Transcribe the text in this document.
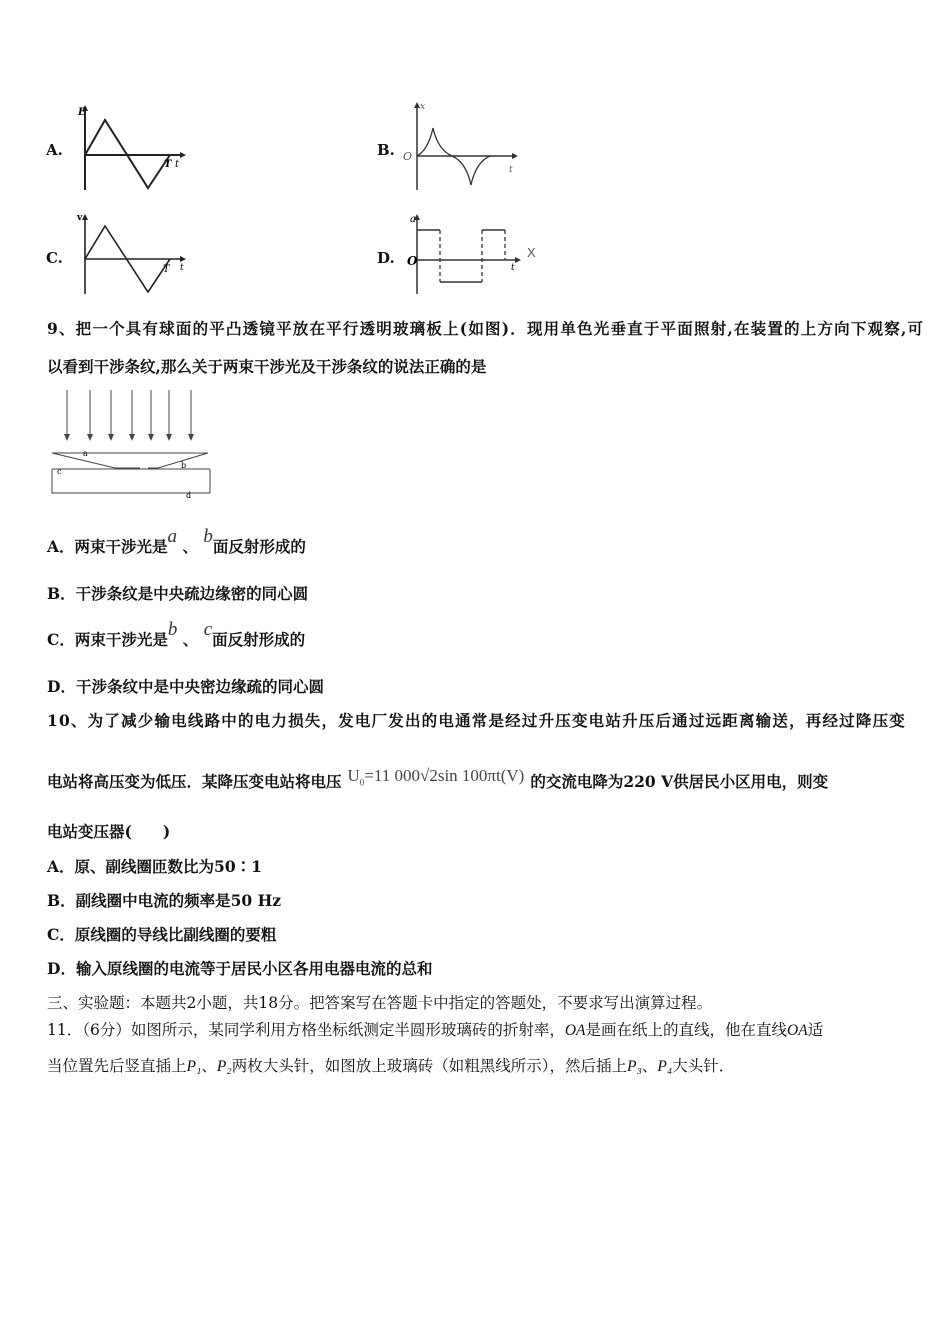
A.
E
T t
B.
x
O
t
C.
v
T t
D.
a
O	t
X
9、把一个具有球面的平凸透镜平放在平行透明玻璃板上(如图)．现用单色光垂直于平面照射,在装置的上方向下观察,可
以看到干涉条纹,那么关于两束干涉光及干涉条纹的说法正确的是
a
b
c
d
A．两束干涉光是a 、 b面反射形成的
B．干涉条纹是中央疏边缘密的同心圆
C．两束干涉光是b 、 c面反射形成的
D．干涉条纹中是中央密边缘疏的同心圆
10、为了减少输电线路中的电力损失，发电厂发出的电通常是经过升压变电站升压后通过远距离输送，再经过降压变
电站将高压变为低压．某降压变电站将电压 $U_0=11$ 000√2sin 100πt(V) 的交流电降为220 V供居民小区用电，则变
电站变压器(　　)
A．原、副线圈匝数比为50∶1
B．副线圈中电流的频率是50 Hz
C．原线圈的导线比副线圈的要粗
D．输入原线圈的电流等于居民小区各用电器电流的总和
三、实验题：本题共2小题，共18分。把答案写在答题卡中指定的答题处，不要求写出演算过程。
11．（6分）如图所示，某同学利用方格坐标纸测定半圆形玻璃砖的折射率，OA是画在纸上的直线，他在直线OA适
当位置先后竖直插上P₁、P₂两枚大头针，如图放上玻璃砖（如粗黑线所示），然后插上P₃、P₄大头针．
